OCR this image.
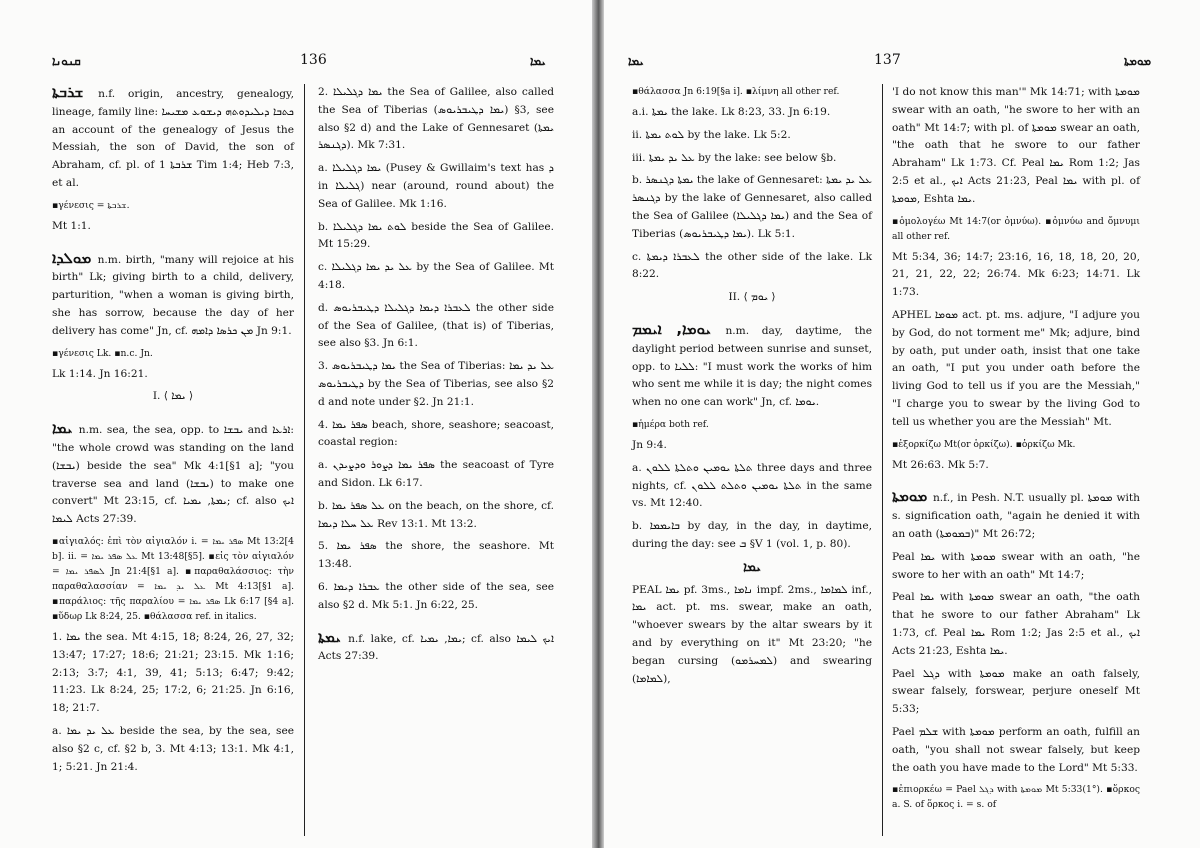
ܩܢܘܢܐ	136	ܝܡܐ

ܫܪܒܬܐ n.f. origin, ancestry, genealogy, lineage, family line: ܟܬܒܐ ܕܝܠܝܕܘܬܗ ܕܝܫܘܥ ܡܫܝܚܐ an account of the genealogy of Jesus the Messiah, the son of David, the son of Abraham, cf. pl. of ܫܪܒܬܐ 1 Tim 1:4; Heb 7:3, et al.

▪γένεσις = ܫܪܒܬܐ.

Mt 1:1.

ܡܘܠܕܐ n.m. birth, "many will rejoice at his birth" Lk; giving birth to a child, delivery, parturition, "when a woman is giving birth, she has sorrow, because the day of her delivery has come" Jn, cf. ܡܢ ܟܪܣܐ ܕܐܡܗ Jn 9:1.

▪γένεσις Lk. ▪n.c. Jn.

Lk 1:14. Jn 16:21.

I. ⟨ ܝܡܐ ⟩

ܝܡܐ n.m. sea, the sea, opp. to ܝܒܫܐ and ܐܪܥܐ: "the whole crowd was standing on the land (ܝܒܫܐ) beside the sea" Mk 4:1[§1 a]; "you traverse sea and land (ܝܒܫܐ) to make one convert" Mt 23:15, cf. ܝܡܬܐ, ܝܡܝܐ; cf. also ܐܝܟ ܠܝܡܐ Acts 27:39.

▪αἰγιαλός: ἐπὶ τὸν αἰγιαλόν i. = ܣܦܪ ܝܡܐ Mt 13:2[4 b]. ii. = ܥܠ ܣܦܪ ܝܡܐ Mt 13:48[§5]. ▪εἰς τὸν αἰγιαλόν = ܠܣܦܪ ܝܡܐ Jn 21:4[§1 a]. ▪παραθαλάσσιος: τὴν παραθαλασσίαν = ܥܠ ܝܕ ܝܡܐ Mt 4:13[§1 a]. ▪παράλιος: τῆς παραλίου = ܣܦܪ ܝܡܐ Lk 6:17 [§4 a]. ▪ὕδωρ Lk 8:24, 25. ▪θάλασσα ref. in italics.

1. ܝܡܐ the sea. Mt 4:15, 18; 8:24, 26, 27, 32; 13:47; 17:27; 18:6; 21:21; 23:15. Mk 1:16; 2:13; 3:7; 4:1, 39, 41; 5:13; 6:47; 9:42; 11:23. Lk 8:24, 25; 17:2, 6; 21:25. Jn 6:16, 18; 21:7.

a. ܥܠ ܝܕ ܝܡܐ beside the sea, by the sea, see also §2 c, cf. §2 b, 3. Mt 4:13; 13:1. Mk 4:1, 1; 5:21. Jn 21:4.

2. ܝܡܐ ܕܓܠܝܠܐ the Sea of Galilee, also called the Sea of Tiberias (ܝܡܐ ܕܛܝܒܪܝܘܣ) §3, see also §2 d) and the Lake of Gennesaret (ܝܡܬܐ ܕܓܢܣܪ). Mk 7:31.

a. ܝܡܐ ܕܓܠܝܠܐ (Pusey & Gwillaim's text has ܕ in ܓܠܝܠܐ) near (around, round about) the Sea of Galilee. Mk 1:16.

b. ܠܘܬ ܝܡܐ ܕܓܠܝܠܐ beside the Sea of Galilee. Mt 15:29.

c. ܥܠ ܝܕ ܝܡܐ ܕܓܠܝܠܐ by the Sea of Galilee. Mt 4:18.

d. ܠܥܒܪܐ ܕܝܡܐ ܕܓܠܝܠܐ ܕܛܝܒܪܝܘܣ the other side of the Sea of Galilee, (that is) of Tiberias, see also §3. Jn 6:1.

3. ܝܡܐ ܕܛܝܒܪܝܘܣ the Sea of Tiberias: ܥܠ ܝܕ ܝܡܐ ܕܛܝܒܪܝܘܣ by the Sea of Tiberias, see also §2 d and note under §2. Jn 21:1.

4. ܣܦܪ ܝܡܐ beach, shore, seashore; seacoast, coastal region:

a. ܣܦܪ ܝܡܐ ܕܨܘܪ ܘܕܨܝܕܢ the seacoast of Tyre and Sidon. Lk 6:17.

b. ܥܠ ܣܦܪ ܝܡܐ on the beach, on the shore, cf. ܥܠ ܚܠܐ ܕܝܡܐ Rev 13:1. Mt 13:2.

5. ܣܦܪ ܝܡܐ the shore, the seashore. Mt 13:48.

6. ܥܒܪܐ ܕܝܡܐ the other side of the sea, see also §2 d. Mk 5:1. Jn 6:22, 25.

ܝܡܬܐ n.f. lake, cf. ܝܡܐ, ܝܡܝܐ; cf. also ܐܝܟ ܠܝܡܐ Acts 27:39.

ܝܡܐ	137	ܡܘܡܬܐ

▪θάλασσα Jn 6:19[§a i]. ▪λίμνη all other ref.

a.i. ܝܡܬܐ the lake. Lk 8:23, 33. Jn 6:19.

ii. ܠܘܬ ܝܡܬܐ by the lake. Lk 5:2.

iii. ܥܠ ܝܕ ܝܡܬܐ by the lake: see below §b.

b. ܝܡܬܐ ܕܓܢܣܪ the lake of Gennesaret: ܥܠ ܝܕ ܝܡܬܐ ܕܓܢܣܪ by the lake of Gennesaret, also called the Sea of Galilee (ܝܡܐ ܕܓܠܝܠܐ) and the Sea of Tiberias (ܝܡܐ ܕܛܝܒܪܝܘܣ). Lk 5:1.

c. ܠܥܒܪܐ ܕܝܡܬܐ the other side of the lake. Lk 8:22.

II. ⟨ ܝܘܡ ⟩

ܝܘܡܐ, ܐܝܡܡ n.m. day, daytime, the daylight period between sunrise and sunset, opp. to ܠܠܝܐ: "I must work the works of him who sent me while it is day; the night comes when no one can work" Jn, cf. ܝܘܡܐ.

▪ἡμέρα both ref.

Jn 9:4.

a. ܬܠܬܐ ܝܘܡܝܢ ܘܬܠܬܐ ܠܠܘܢ three days and three nights, cf. ܬܠܬܐ ܝܘܡܝܢ ܘܬܠܬ ܠܠܘܢ in the same vs. Mt 12:40.

b. ܒܐܝܡܡܐ by day, in the day, in daytime, during the day: see ܒ §V 1 (vol. 1, p. 80).

ܝܡܐ

PEAL ܝܡܐ pf. 3ms., ܢܐܡܐ impf. 2ms., ܠܡܐܡܐ inf., ܝܡܐ act. pt. ms. swear, make an oath, "whoever swears by the altar swears by it and by everything on it" Mt 23:20; "he began cursing (ܠܡܚܪܡܘ) and swearing (ܠܡܐܡܐ),

'I do not know this man'" Mk 14:71; with ܡܘܡܬܐ swear with an oath, "he swore to her with an oath" Mt 14:7; with pl. of ܡܘܡܬܐ swear an oath, "the oath that he swore to our father Abraham" Lk 1:73. Cf. Peal ܝܡܐ Rom 1:2; Jas 2:5 et al., ܐܝܟ Acts 21:23, Peal ܝܡܐ with pl. of ܡܘܡܬܐ, Eshta ܝܡܐ.

▪ὁμολογέω Mt 14:7(or ὀμνύω). ▪ὀμνύω and ὄμνυμι all other ref.

Mt 5:34, 36; 14:7; 23:16, 16, 18, 18, 20, 20, 21, 21, 22, 22; 26:74. Mk 6:23; 14:71. Lk 1:73.

APHEL ܡܘܡܐ act. pt. ms. adjure, "I adjure you by God, do not torment me" Mk; adjure, bind by oath, put under oath, insist that one take an oath, "I put you under oath before the living God to tell us if you are the Messiah," "I charge you to swear by the living God to tell us whether you are the Messiah" Mt.

▪ἐξορκίζω Mt(or ὁρκίζω). ▪ὁρκίζω Mk.

Mt 26:63. Mk 5:7.

ܡܘܡܬܐ n.f., in Pesh. N.T. usually pl. ܡܘܡܬܐ with s. signification oath, "again he denied it with an oath (ܒܡܘܡܬܐ)" Mt 26:72;

Peal ܝܡܐ with ܡܘܡܬܐ swear with an oath, "he swore to her with an oath" Mt 14:7;

Peal ܝܡܐ with ܡܘܡܬܐ swear an oath, "the oath that he swore to our father Abraham" Lk 1:73, cf. Peal ܝܡܐ Rom 1:2; Jas 2:5 et al., ܐܝܟ Acts 21:23, Eshta ܝܡܐ.

Pael ܕܓܠ with ܡܘܡܬܐ make an oath falsely, swear falsely, forswear, perjure oneself Mt 5:33;

Pael ܫܠܡ with ܡܘܡܬܐ perform an oath, fulfill an oath, "you shall not swear falsely, but keep the oath you have made to the Lord" Mt 5:33.

▪ἐπιορκέω = Pael ܕܓܠ with ܡܘܡܬܐ Mt 5:33(1°). ▪ὅρκος a. S. of ὅρκος i. = s. of
